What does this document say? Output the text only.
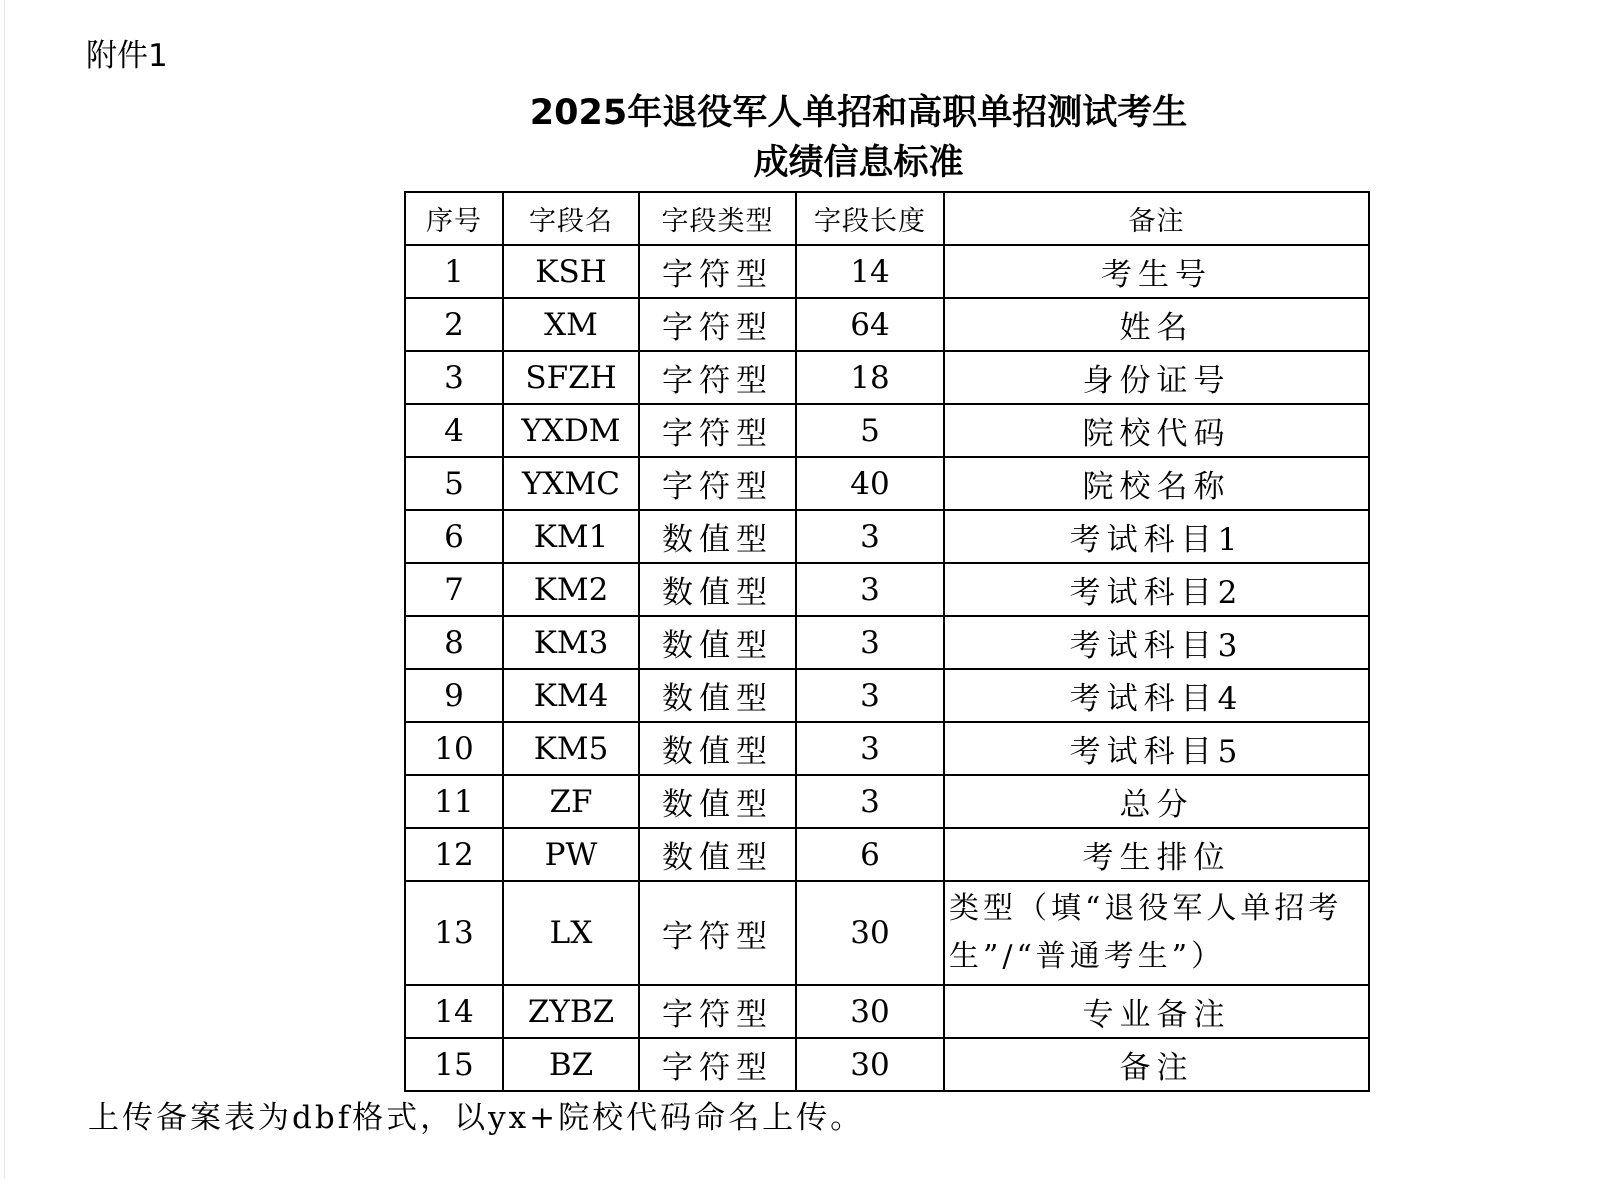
附件1
2025年退役军人单招和高职单招测试考生
成绩信息标准
序号	字段名	字段类型	字段长度	备注
1	KSH	字符型	14	考生号
2	XM	字符型	64	姓名
3	SFZH	字符型	18	身份证号
4	YXDM	字符型	5	院校代码
5	YXMC	字符型	40	院校名称
6	KM1	数值型	3	考试科目1
7	KM2	数值型	3	考试科目2
8	KM3	数值型	3	考试科目3
9	KM4	数值型	3	考试科目4
10	KM5	数值型	3	考试科目5
11	ZF	数值型	3	总分
12	PW	数值型	6	考生排位
13	LX	字符型	30	类型（填“退役军人单招考生”/“普通考生”）
14	ZYBZ	字符型	30	专业备注
15	BZ	字符型	30	备注
上传备案表为dbf格式，以yx+院校代码命名上传。
